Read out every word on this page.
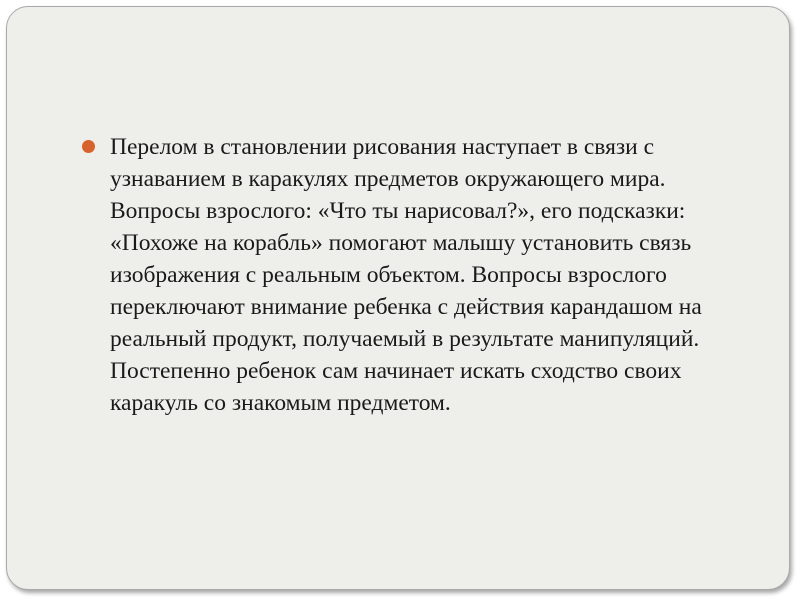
Перелом в становлении рисования наступает в связи с узнаванием в каракулях предметов окружающего мира. Вопросы взрослого: «Что ты нарисовал?», его подсказки: «Похоже на корабль» помогают малышу установить связь изображения с реальным объектом. Вопросы взрослого переключают внимание ребенка с действия карандашом на реальный продукт, получаемый в результате манипуляций. Постепенно ребенок сам начинает искать сходство своих каракуль со знакомым предметом.
